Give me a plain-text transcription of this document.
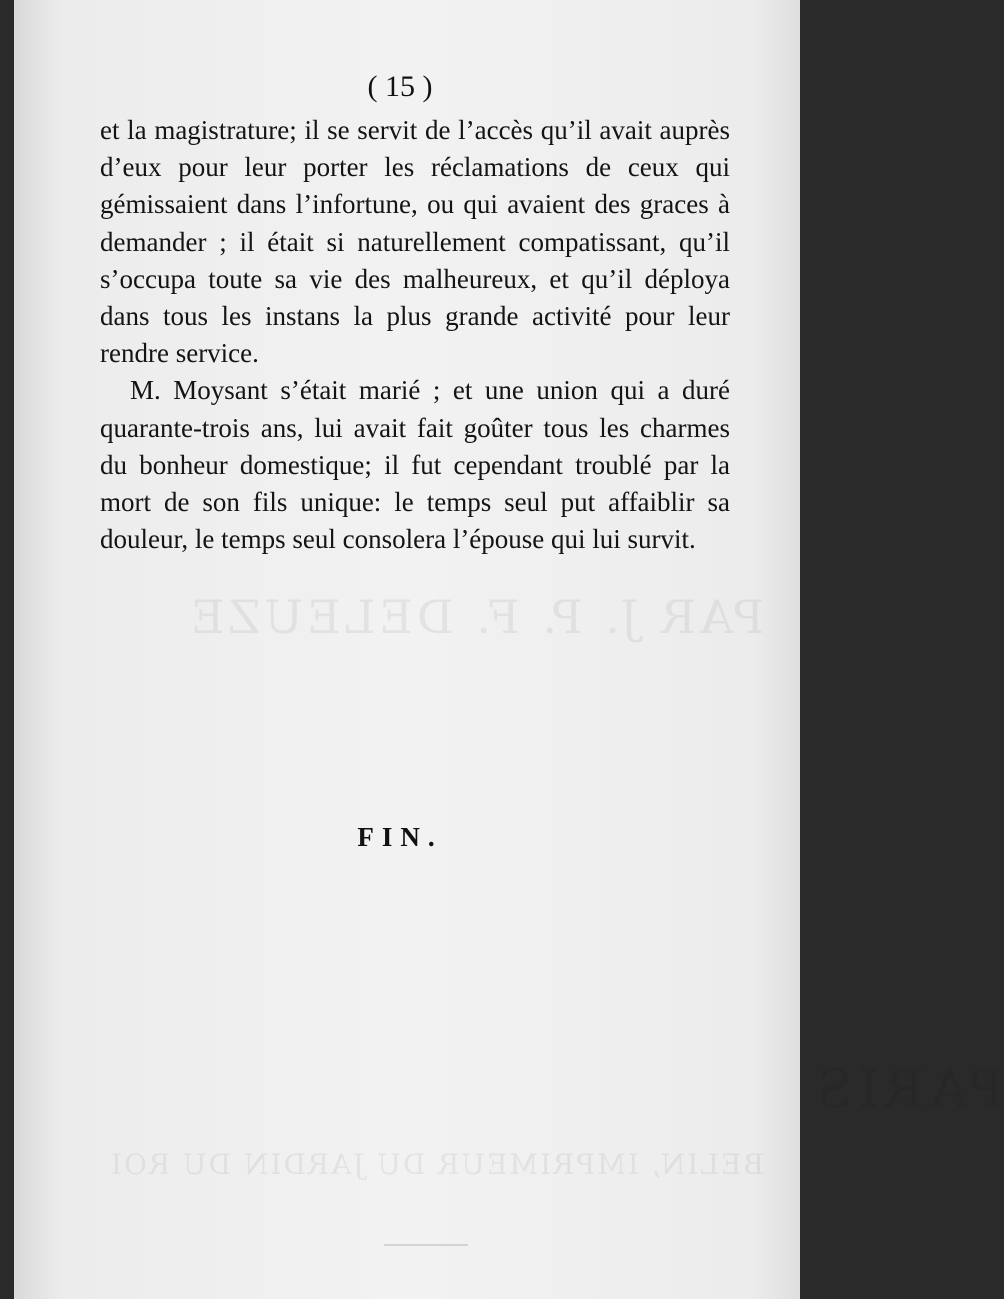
PAR J. P. F. DELEUZE
PARIS
BELIN, IMPRIMEUR DU JARDIN DU ROI
( 15 )

et la magistrature; il se servit de l’accès qu’il avait auprès d’eux pour leur porter les réclamations de ceux qui gémissaient dans l’infortune, ou qui avaient des graces à demander ; il était si naturellement compatissant, qu’il s’occupa toute sa vie des malheureux, et qu’il déploya dans tous les instans la plus grande activité pour leur rendre service.

M. Moysant s’était marié ; et une union qui a duré quarante-trois ans, lui avait fait goûter tous les charmes du bonheur domestique; il fut cependant troublé par la mort de son fils unique: le temps seul put affaiblir sa douleur, le temps seul consolera l’épouse qui lui survit.

FIN.
